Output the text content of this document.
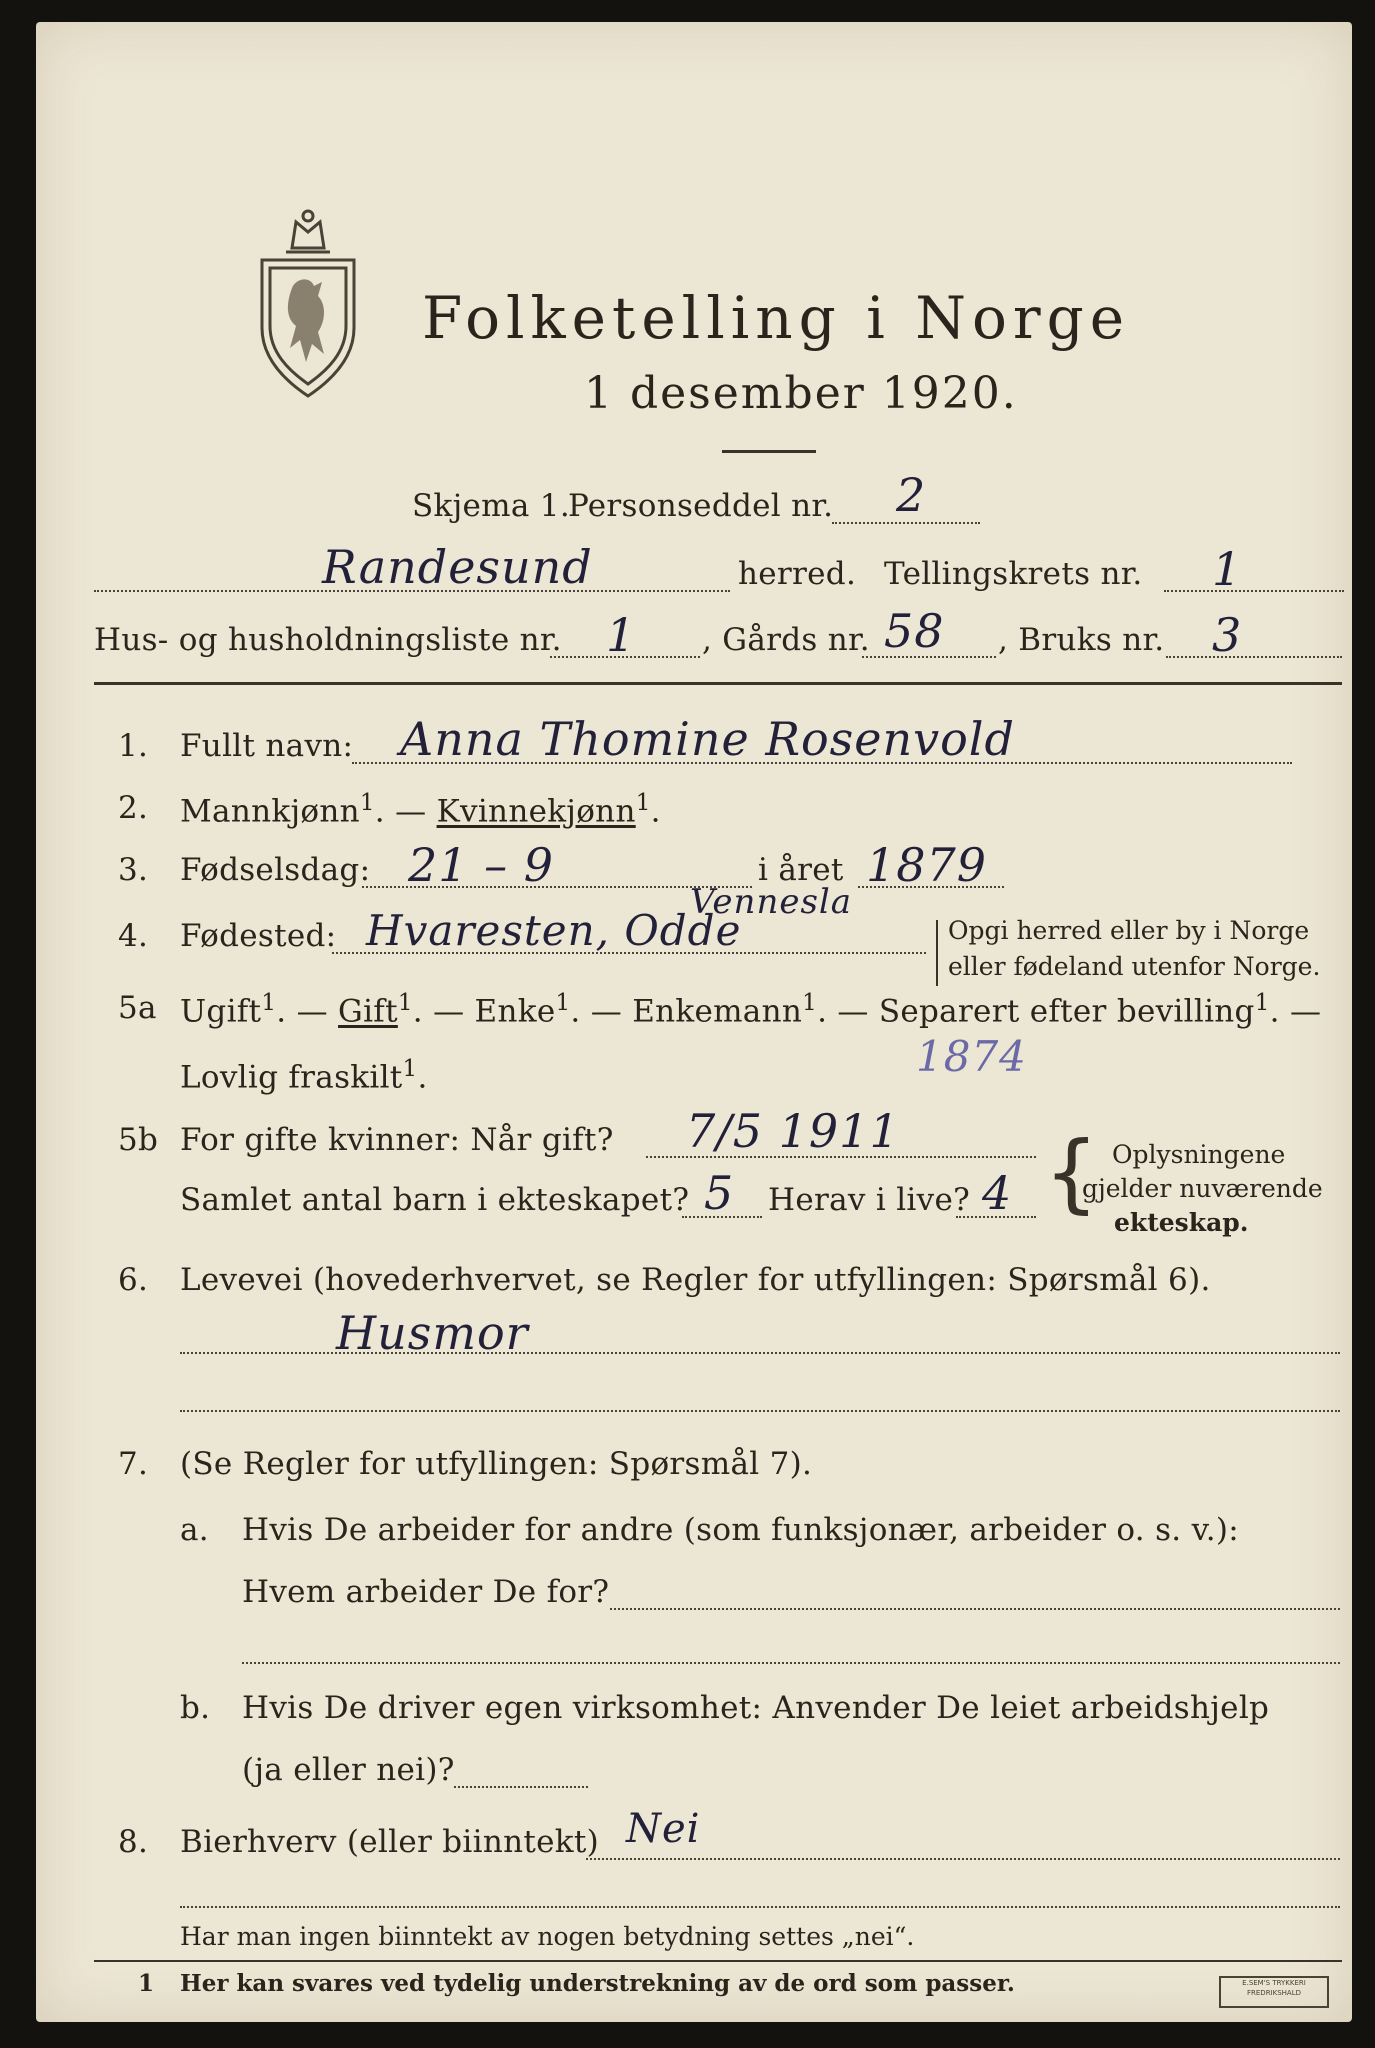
Folketelling i Norge
1 desember 1920.
Skjema 1.
Personseddel nr. 2
Randesund	herred. Tellingskrets nr. 1
Hus- og husholdningsliste nr. 1 , Gårds nr. 58 , Bruks nr. 3
1. Fullt navn: Anna Thomine Rosenvold
2. Mannkjønn$^1$. — Kvinnekjønn$^1$.
3. Fødselsdag: 21 – 9	i året 1879
4. Fødested: Hvaresten, Odde
Vennesla
Opgi herred eller by i Norge
eller fødeland utenfor Norge.
5a Ugift$^1$. — Gift$^1$. — Enke$^1$. — Enkemann$^1$. — Separert efter bevilling$^1$. —
Lovlig fraskilt$^1$.	1874
5b For gifte kvinner: Når gift? 7/5 1911
Samlet antal barn i ekteskapet? 5 Herav i live? 4 { Oplysningene
gjelder nuværende
ekteskap.
6. Levevei (hovederhvervet, se Regler for utfyllingen: Spørsmål 6).
Husmor
7. (Se Regler for utfyllingen: Spørsmål 7).
a. Hvis De arbeider for andre (som funksjonær, arbeider o. s. v.):
Hvem arbeider De for?
b. Hvis De driver egen virksomhet: Anvender De leiet arbeidshjelp
(ja eller nei)?
8. Bierhverv (eller biinntekt) Nei
Har man ingen biinntekt av nogen betydning settes „nei“.
1 Her kan svares ved tydelig understrekning av de ord som passer.	E.SEM'S TRYKKERI FREDRIKSHALD
